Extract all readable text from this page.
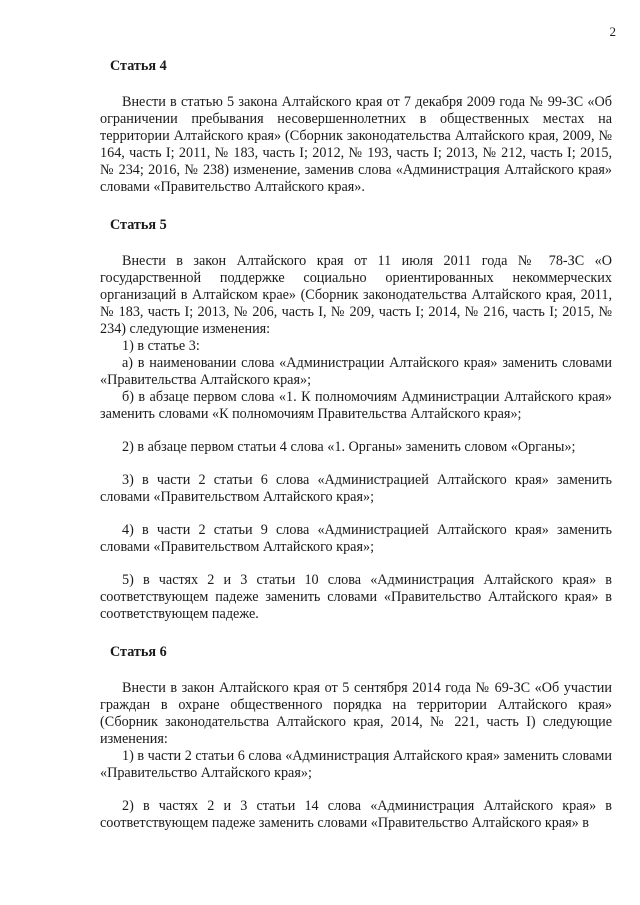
2
Статья 4

Внести в статью 5 закона Алтайского края от 7 декабря 2009 года № 99-ЗС «Об ограничении пребывания несовершеннолетних в общественных местах на территории Алтайского края» (Сборник законодательства Алтайского края, 2009, № 164, часть I; 2011, № 183, часть I; 2012, № 193, часть I; 2013, № 212, часть I; 2015, № 234; 2016, № 238) изменение, заменив слова «Администрация Алтайского края» словами «Правительство Алтайского края».

Статья 5

Внести в закон Алтайского края от 11 июля 2011 года № 78-ЗС «О государственной поддержке социально ориентированных некоммерческих организаций в Алтайском крае» (Сборник законодательства Алтайского края, 2011, № 183, часть I; 2013, № 206, часть I, № 209, часть I; 2014, № 216, часть I; 2015, № 234) следующие изменения:

1) в статье 3:

а) в наименовании слова «Администрации Алтайского края» заменить словами «Правительства Алтайского края»;

б) в абзаце первом слова «1. К полномочиям Администрации Алтайского края» заменить словами «К полномочиям Правительства Алтайского края»;

2) в абзаце первом статьи 4 слова «1. Органы» заменить словом «Органы»;

3) в части 2 статьи 6 слова «Администрацией Алтайского края» заменить словами «Правительством Алтайского края»;

4) в части 2 статьи 9 слова «Администрацией Алтайского края» заменить словами «Правительством Алтайского края»;

5) в частях 2 и 3 статьи 10 слова «Администрация Алтайского края» в соответствующем падеже заменить словами «Правительство Алтайского края» в соответствующем падеже.

Статья 6

Внести в закон Алтайского края от 5 сентября 2014 года № 69-ЗС «Об участии граждан в охране общественного порядка на территории Алтайского края» (Сборник законодательства Алтайского края, 2014, № 221, часть I) следующие изменения:

1) в части 2 статьи 6 слова «Администрация Алтайского края» заменить словами «Правительство Алтайского края»;

2) в частях 2 и 3 статьи 14 слова «Администрация Алтайского края» в соответствующем падеже заменить словами «Правительство Алтайского края» в
